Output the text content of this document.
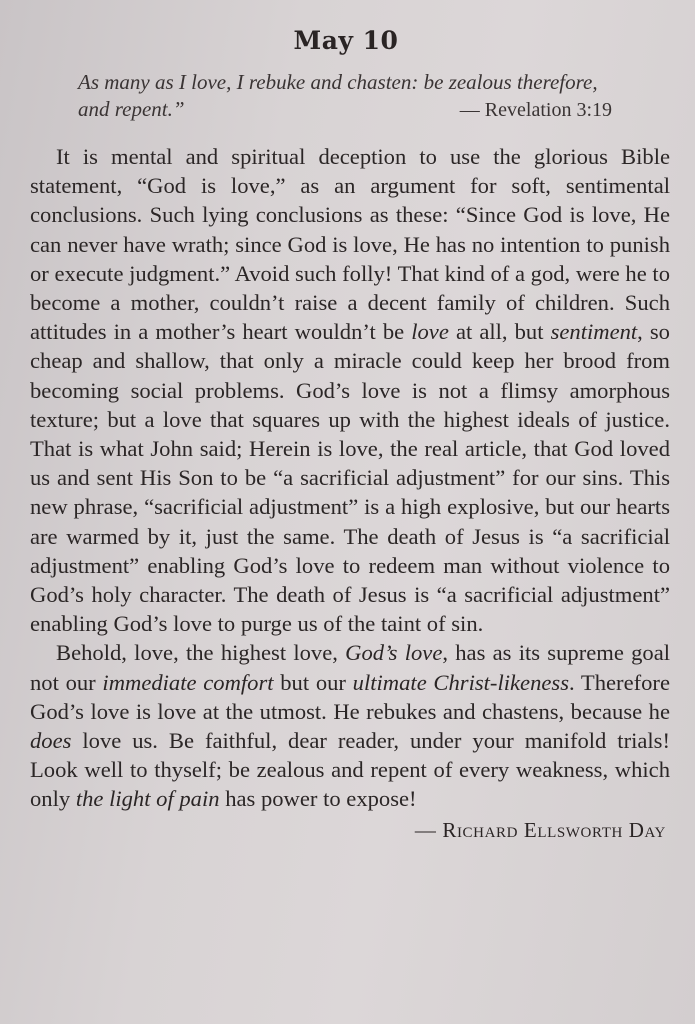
May 10
As many as I love, I rebuke and chasten: be zealous therefore, and repent.”	— Revelation 3:19

It is mental and spiritual deception to use the glorious Bible statement, “God is love,” as an argument for soft, sentimental conclusions. Such lying conclusions as these: “Since God is love, He can never have wrath; since God is love, He has no intention to punish or execute judgment.” Avoid such folly! That kind of a god, were he to become a mother, couldn’t raise a decent family of children. Such attitudes in a mother’s heart wouldn’t be love at all, but sentiment, so cheap and shallow, that only a miracle could keep her brood from becoming social problems. God’s love is not a flimsy amorphous texture; but a love that squares up with the highest ideals of justice. That is what John said; Herein is love, the real article, that God loved us and sent His Son to be “a sacrificial adjustment” for our sins. This new phrase, “sacrificial adjustment” is a high explosive, but our hearts are warmed by it, just the same. The death of Jesus is “a sacrificial adjustment” enabling God’s love to redeem man without violence to God’s holy character. The death of Jesus is “a sacrificial adjustment” enabling God’s love to purge us of the taint of sin.

Behold, love, the highest love, God’s love, has as its supreme goal not our immediate comfort but our ultimate Christ-likeness. Therefore God’s love is love at the utmost. He rebukes and chastens, because he does love us. Be faithful, dear reader, under your manifold trials! Look well to thyself; be zealous and repent of every weakness, which only the light of pain has power to expose!

— Richard Ellsworth Day
